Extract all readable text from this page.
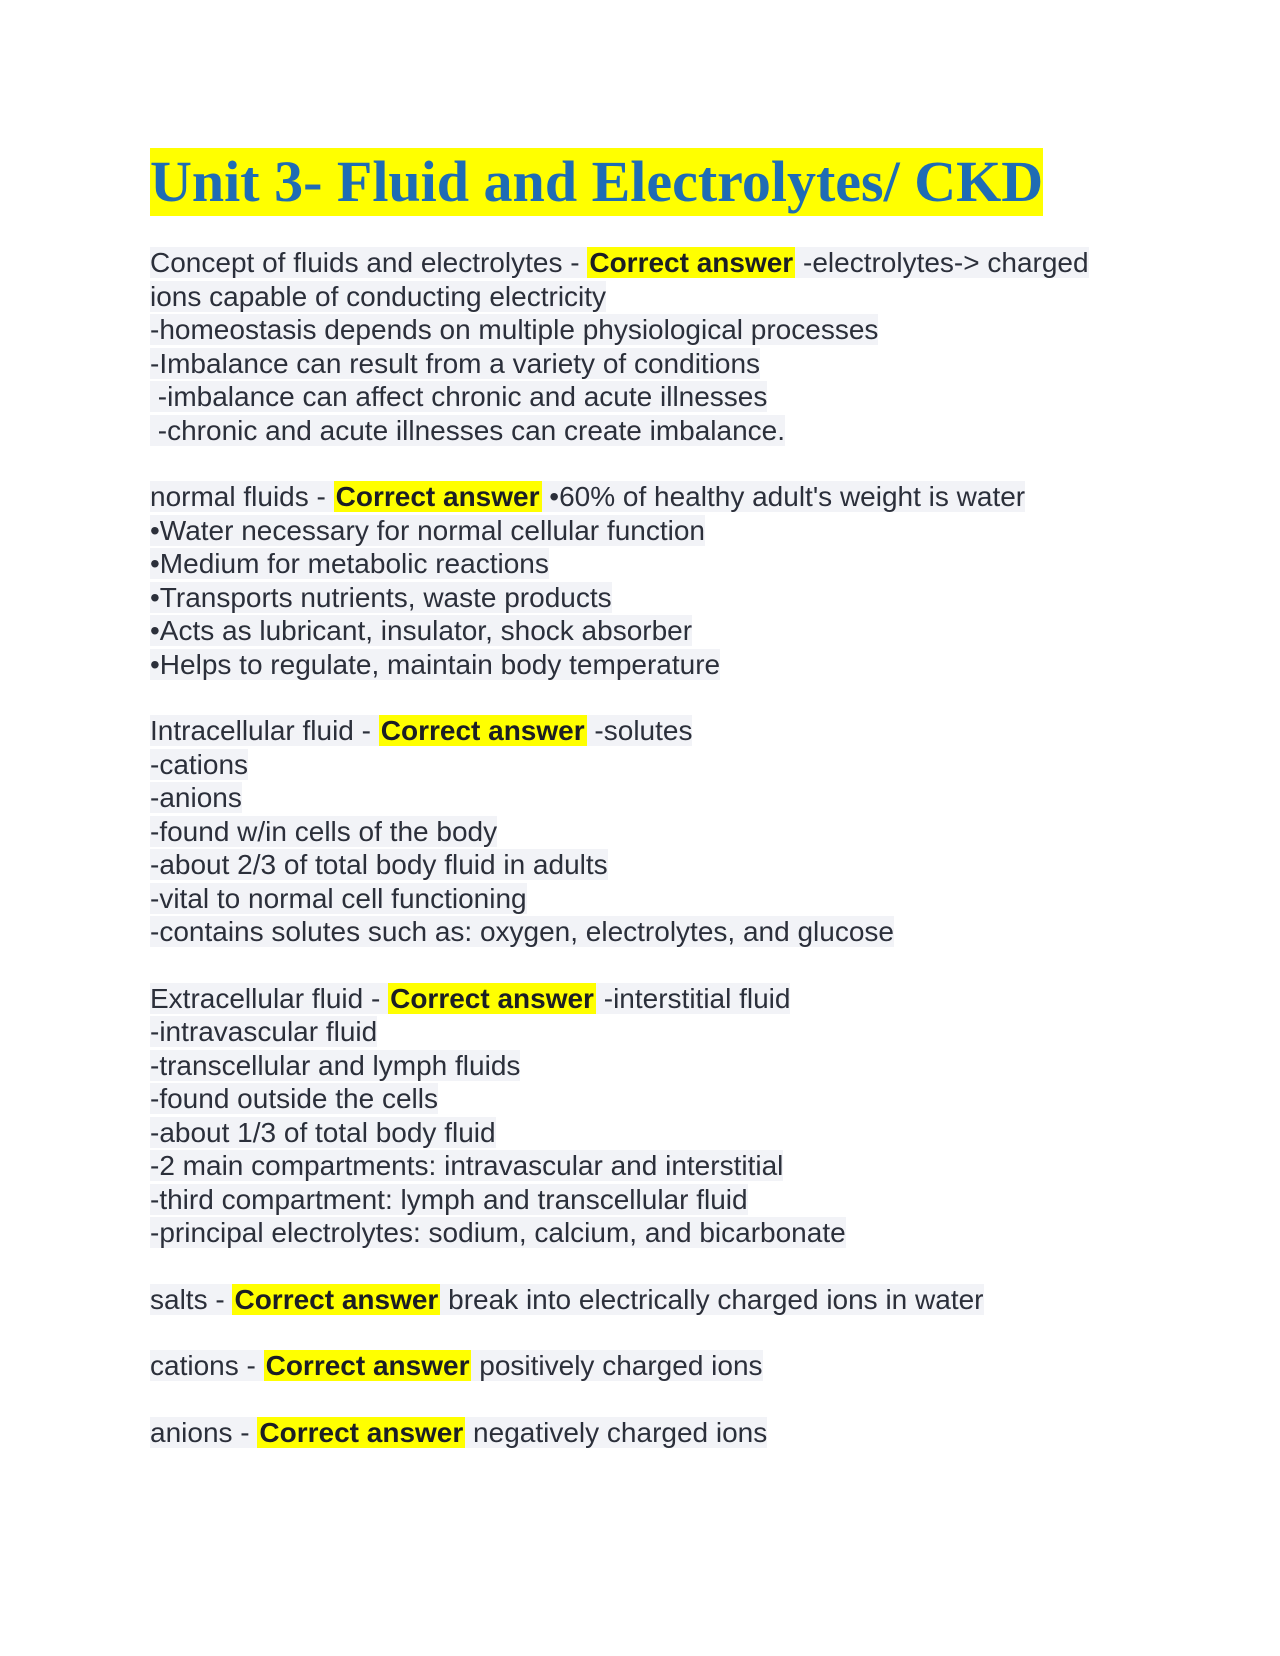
Unit 3- Fluid and Electrolytes/ CKD
Concept of fluids and electrolytes - Correct answer -electrolytes-> charged
ions capable of conducting electricity
-homeostasis depends on multiple physiological processes
-Imbalance can result from a variety of conditions
-imbalance can affect chronic and acute illnesses
-chronic and acute illnesses can create imbalance.
normal fluids - Correct answer •60% of healthy adult's weight is water
•Water necessary for normal cellular function
•Medium for metabolic reactions
•Transports nutrients, waste products
•Acts as lubricant, insulator, shock absorber
•Helps to regulate, maintain body temperature
Intracellular fluid - Correct answer -solutes
-cations
-anions
-found w/in cells of the body
-about 2/3 of total body fluid in adults
-vital to normal cell functioning
-contains solutes such as: oxygen, electrolytes, and glucose
Extracellular fluid - Correct answer -interstitial fluid
-intravascular fluid
-transcellular and lymph fluids
-found outside the cells
-about 1/3 of total body fluid
-2 main compartments: intravascular and interstitial
-third compartment: lymph and transcellular fluid
-principal electrolytes: sodium, calcium, and bicarbonate
salts - Correct answer break into electrically charged ions in water
cations - Correct answer positively charged ions
anions - Correct answer negatively charged ions
